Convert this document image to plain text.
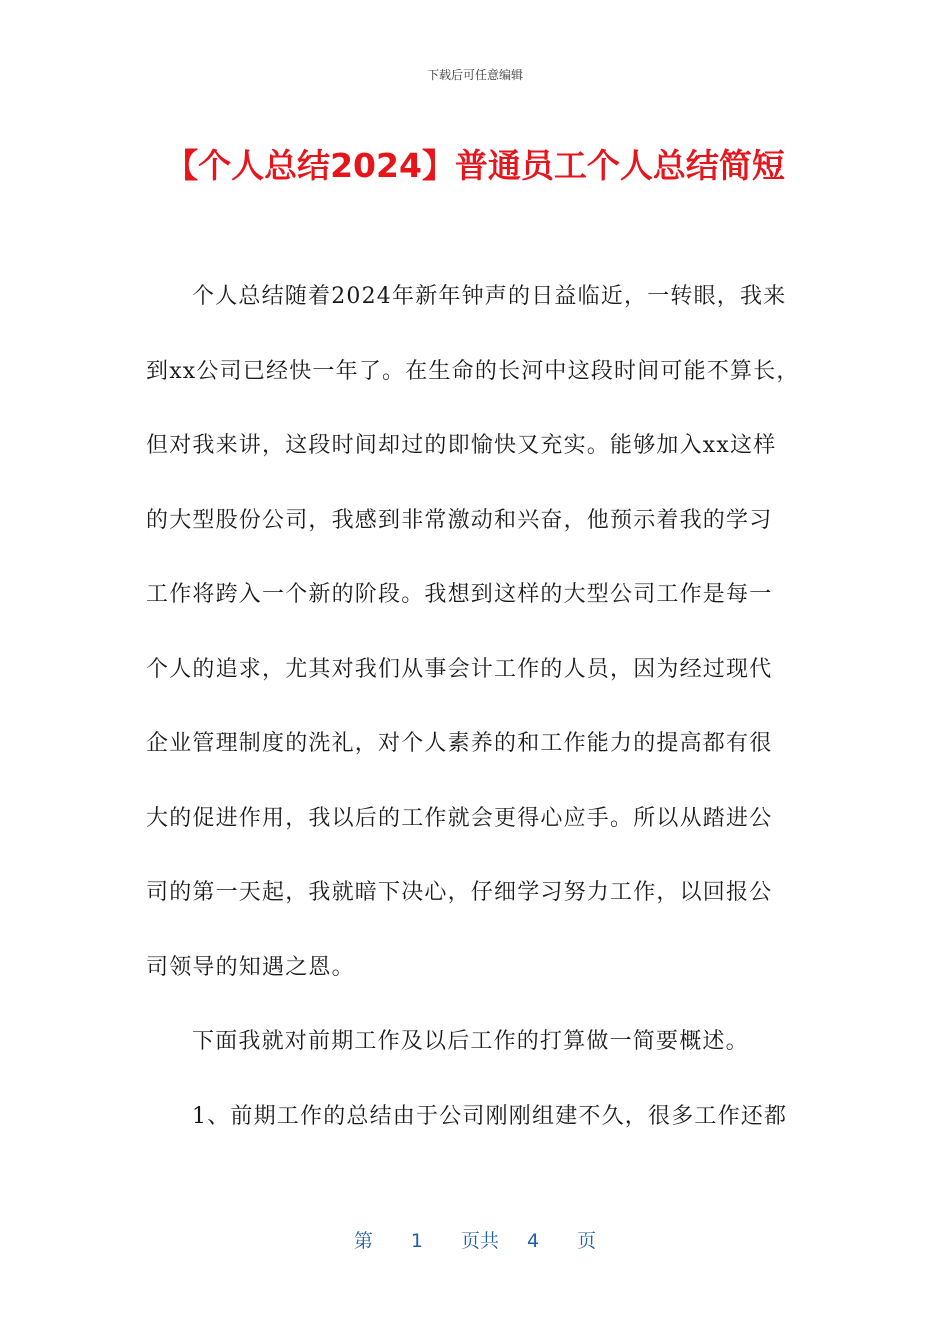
下载后可任意编辑
【个人总结2024】普通员工个人总结简短
个人总结随着2024年新年钟声的日益临近，一转眼，我来
到xx公司已经快一年了。在生命的长河中这段时间可能不算长，
但对我来讲，这段时间却过的即愉快又充实。能够加入xx这样
的大型股份公司，我感到非常激动和兴奋，他预示着我的学习
工作将跨入一个新的阶段。我想到这样的大型公司工作是每一
个人的追求，尤其对我们从事会计工作的人员，因为经过现代
企业管理制度的洗礼，对个人素养的和工作能力的提高都有很
大的促进作用，我以后的工作就会更得心应手。所以从踏进公
司的第一天起，我就暗下决心，仔细学习努力工作，以回报公
司领导的知遇之恩。
下面我就对前期工作及以后工作的打算做一简要概述。
1、前期工作的总结由于公司刚刚组建不久，很多工作还都
第 1 页共 4 页
